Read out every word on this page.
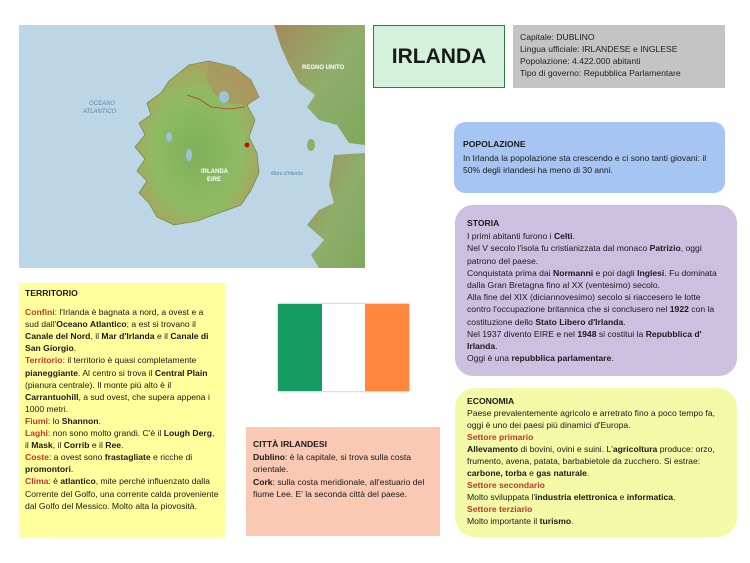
OCEANO
ATLANTICO
REGNO UNITO
IRLANDA
EIRE
Mare d'Irlanda
IRLANDA
Capitale: DUBLINO
Lingua ufficiale: IRLANDESE e INGLESE
Popolazione: 4.422.000 abitanti
Tipo di governo: Repubblica Parlamentare
POPOLAZIONE
In Irlanda la popolazione sta crescendo e ci sono tanti giovani: il 50% degli irlandesi ha meno di 30 anni.
STORIA
I primi abitanti furono i Celti.
Nel V secolo l'isola fu cristianizzata dal monaco Patrizio, oggi patrono del paese.
Conquistata prima dai Normanni e poi dagli Inglesi. Fu dominata dalla Gran Bretagna fino al XX (ventesimo) secolo.
Alla fine del XIX (diciannovesimo) secolo si riaccesero le lotte contro l'occupazione britannica che si conclusero nel 1922 con la costituzione dello Stato Libero d'Irlanda.
Nel 1937 divento EIRE e nel 1948 si costitui la Repubblica d' Irlanda.
Oggi è una repubblica parlamentare.
TERRITORIO
Confini: l'Irlanda è bagnata a nord, a ovest e a sud dall'Oceano Atlantico; a est si trovano il Canale del Nord, il Mar d'Irlanda e il Canale di San Giorgio.
Territorio: il territorio è quasi completamente pianeggiante. Al centro si trova il Central Plain (pianura centrale). Il monte più alto è il Carrantuohill, a sud ovest, che supera appena i 1000 metri.
Fiumi: lo Shannon.
Laghi: non sono molto grandi. C'è il Lough Derg, il Mask, il Corrib e il Ree.
Coste: a ovest sono frastagliate e ricche di promontori.
Clima: è atlantico, mite perché influenzato dalla Corrente del Golfo, una corrente calda proveniente dal Golfo del Messico. Molto alta la piovosità.
CITTÀ IRLANDESI
Dublino: è la capitale, si trova sulla costa orientale.
Cork: sulla costa meridionale, all'estuario del fiume Lee. E' la seconda città del paese.
ECONOMIA
Paese prevalentemente agricolo e arretrato fino a poco tempo fa, oggi è uno dei paesi più dinamici d'Europa.
Settore primario
Allevamento di bovini, ovini e suini. L'agricoltura produce: orzo, frumento, avena, patata, barbabietole da zucchero. Si estrae: carbone, torba e gas naturale.
Settore secondario
Molto sviluppata l'industria elettronica e informatica.
Settore terziario
Molto importante il turismo.
